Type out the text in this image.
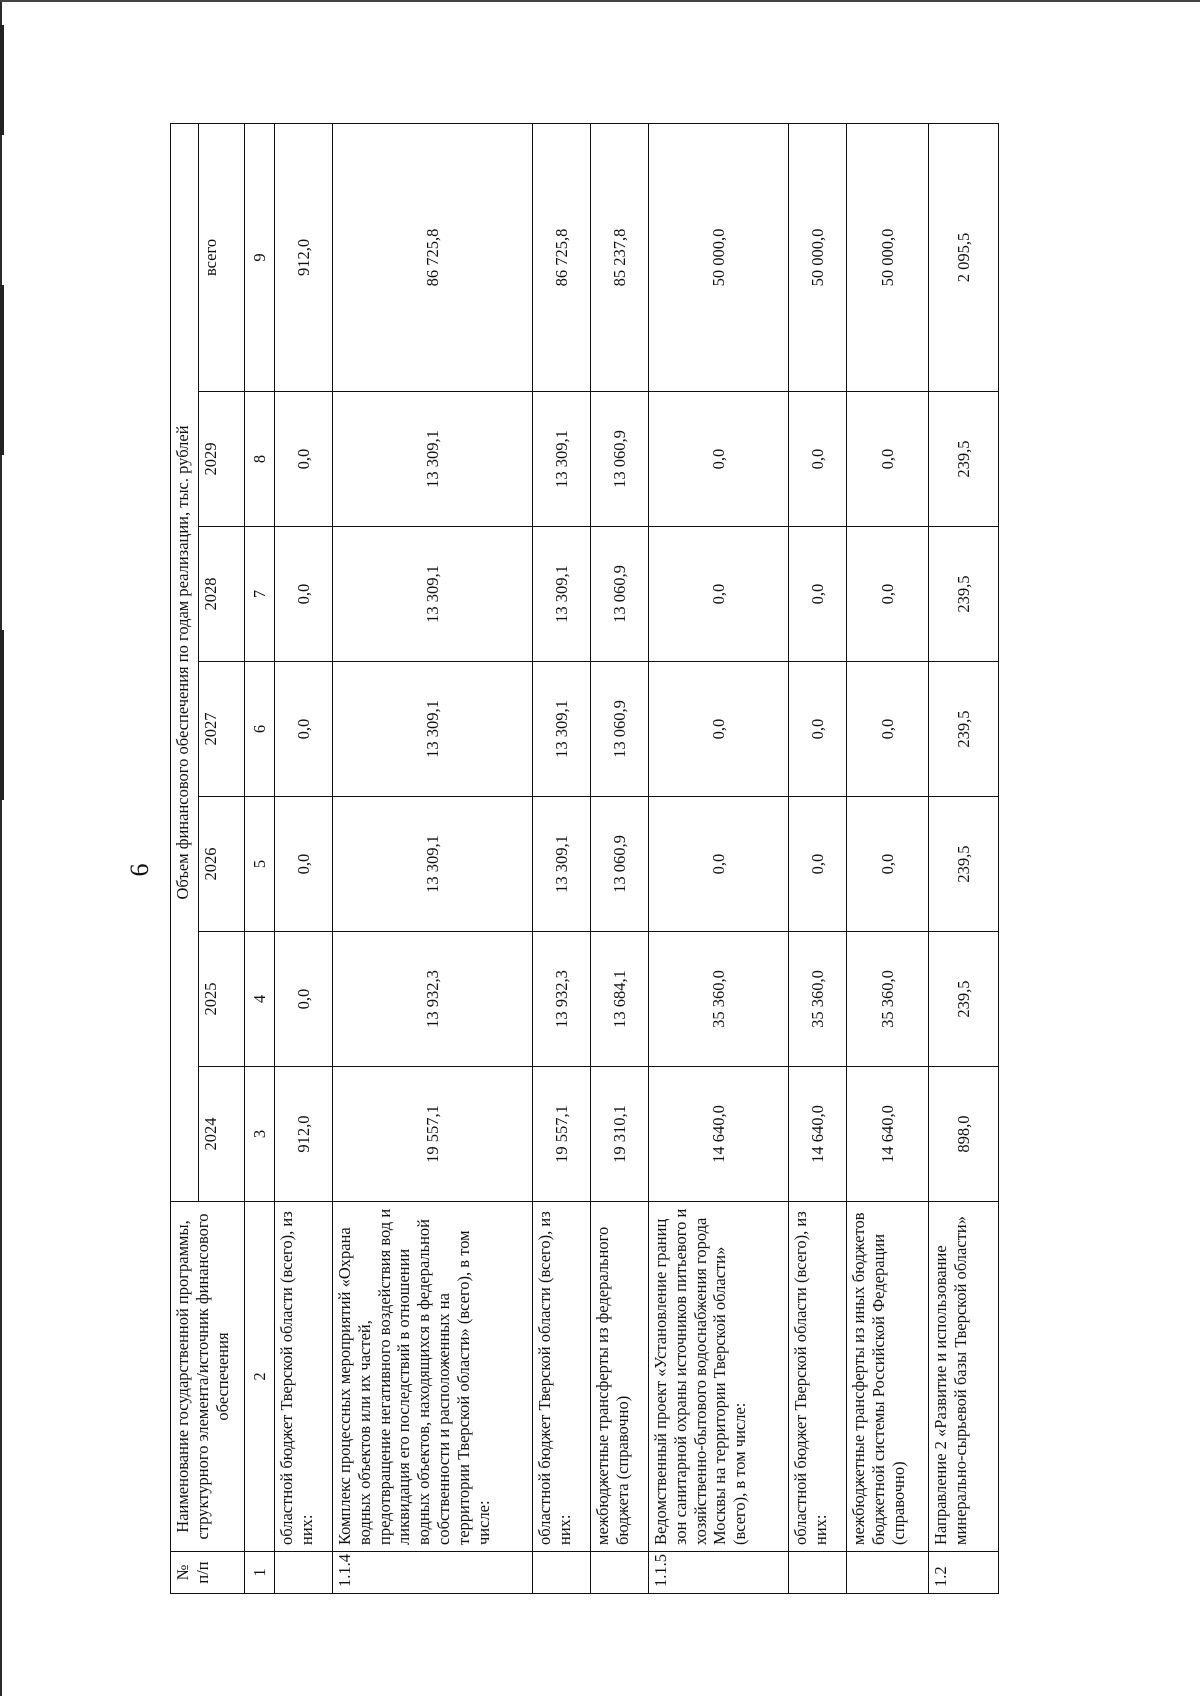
6
№ п/п	Наименование государственной программы, структурного элемента/источник финансового обеспечения	Объем финансового обеспечения по годам реализации, тыс. рублей						
		2024	2025	2026	2027	2028	2029	всего
1	2	3	4	5	6	7	8	9
	областной бюджет Тверской области (всего), из них:	912,0	0,0	0,0	0,0	0,0	0,0	912,0
1.1.4	Комплекс процессных мероприятий «Охрана водных объектов или их частей, предотвращение негативного воздействия вод и ликвидация его последствий в отношении водных объектов, находящихся в федеральной собственности и расположенных на территории Тверской области» (всего), в том числе:	19 557,1	13 932,3	13 309,1	13 309,1	13 309,1	13 309,1	86 725,8
	областной бюджет Тверской области (всего), из них:	19 557,1	13 932,3	13 309,1	13 309,1	13 309,1	13 309,1	86 725,8
	межбюджетные трансферты из федерального бюджета (справочно)	19 310,1	13 684,1	13 060,9	13 060,9	13 060,9	13 060,9	85 237,8
1.1.5	Ведомственный проект «Установление границ зон санитарной охраны источников питьевого и хозяйственно-бытового водоснабжения города Москвы на территории Тверской области» (всего), в том числе:	14 640,0	35 360,0	0,0	0,0	0,0	0,0	50 000,0
	областной бюджет Тверской области (всего), из них:	14 640,0	35 360,0	0,0	0,0	0,0	0,0	50 000,0
	межбюджетные трансферты из иных бюджетов бюджетной системы Российской Федерации (справочно)	14 640,0	35 360,0	0,0	0,0	0,0	0,0	50 000,0
1.2	Направление 2 «Развитие и использование минерально-сырьевой базы Тверской области»	898,0	239,5	239,5	239,5	239,5	239,5	2 095,5
